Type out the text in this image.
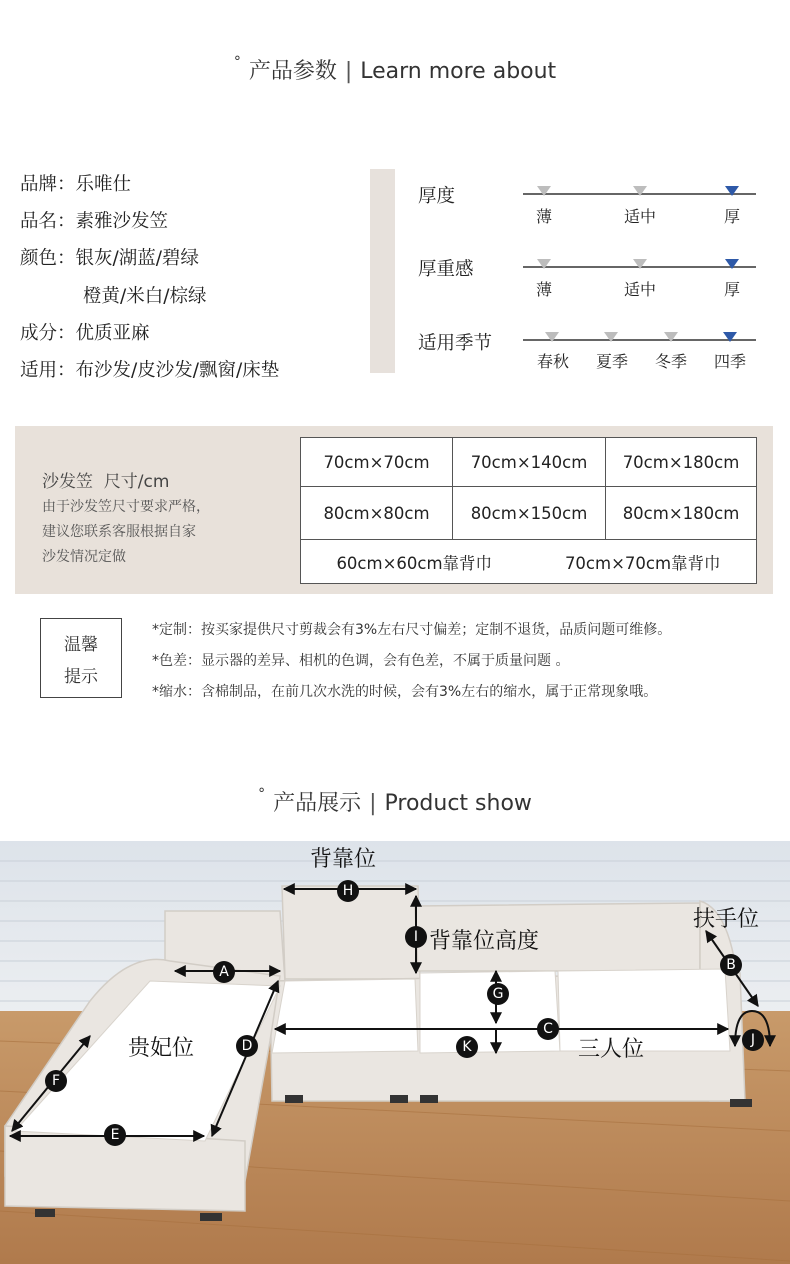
° 产品参数 | Learn more about
品牌：乐唯仕
品名：素雅沙发笠
颜色：银灰/湖蓝/碧绿
橙黄/米白/棕绿
成分：优质亚麻
适用：布沙发/皮沙发/飘窗/床垫
厚度
薄	适中	厚
厚重感
薄	适中	厚
适用季节
春秋 夏季 冬季 四季
沙发笠  尺寸/cm
由于沙发笠尺寸要求严格，
建议您联系客服根据自家
沙发情况定做
70cm×70cm	70cm×140cm	70cm×180cm
80cm×80cm	80cm×150cm	80cm×180cm
60cm×60cm靠背巾	70cm×70cm靠背巾
温馨
提示
*定制：按买家提供尺寸剪裁会有3%左右尺寸偏差；定制不退货，品质问题可维修。
*色差：显示器的差异、相机的色调，会有色差，不属于质量问题 。
*缩水：含棉制品，在前几次水洗的时候，会有3%左右的缩水，属于正常现象哦。
° 产品展示 | Product show
背靠位
背靠位高度
扶手位
贵妃位	三人位
A	B
C
D
E
F
G
H
I
J
K
